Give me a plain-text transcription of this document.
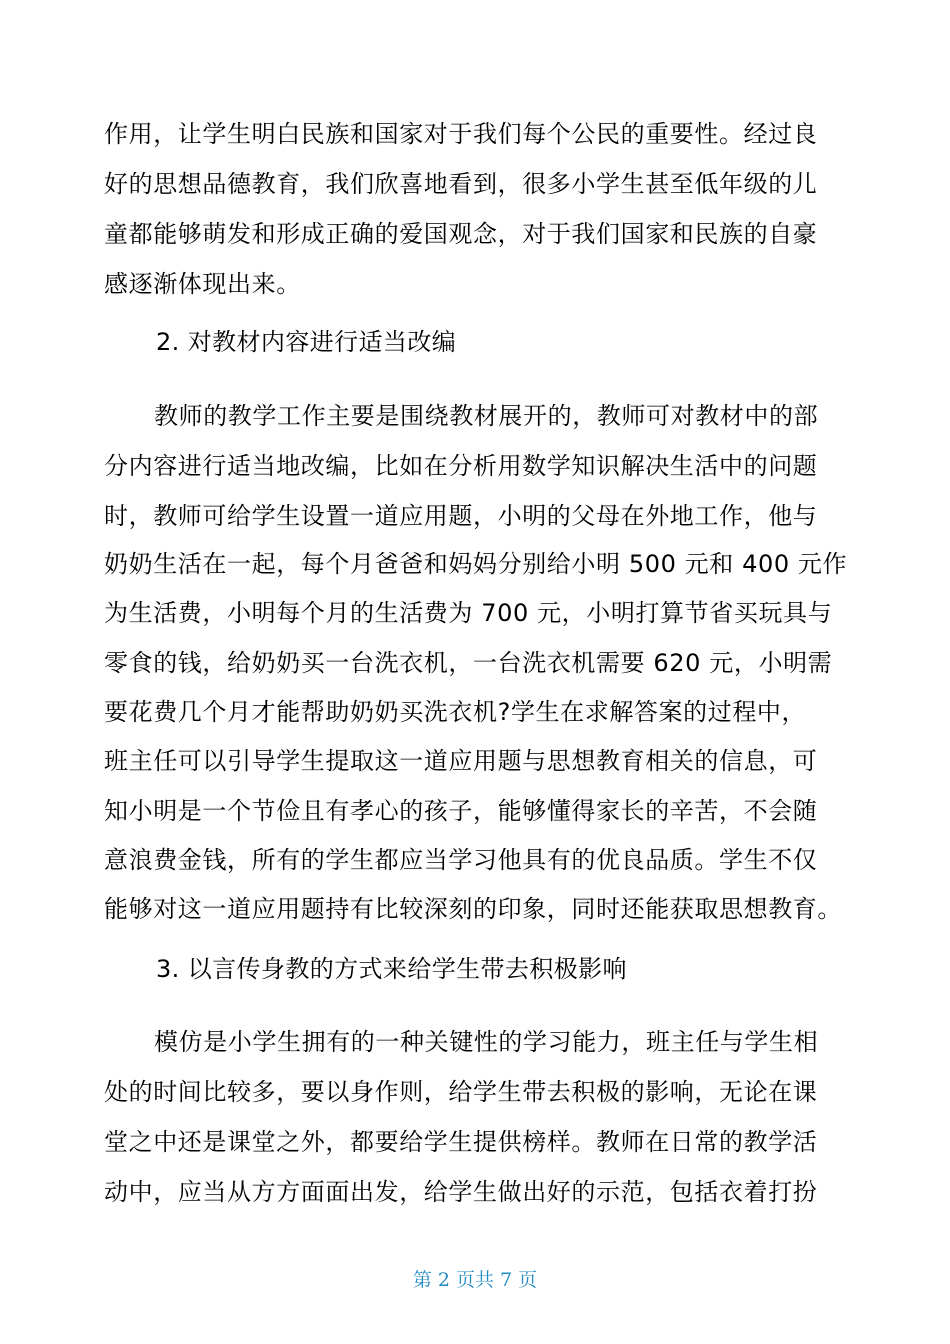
作用，让学生明白民族和国家对于我们每个公民的重要性。经过良
好的思想品德教育，我们欣喜地看到，很多小学生甚至低年级的儿
童都能够萌发和形成正确的爱国观念，对于我们国家和民族的自豪
感逐渐体现出来。
2. 对教材内容进行适当改编
教师的教学工作主要是围绕教材展开的，教师可对教材中的部
分内容进行适当地改编，比如在分析用数学知识解决生活中的问题
时，教师可给学生设置一道应用题，小明的父母在外地工作，他与
奶奶生活在一起，每个月爸爸和妈妈分别给小明 500 元和 400 元作
为生活费，小明每个月的生活费为 700 元，小明打算节省买玩具与
零食的钱，给奶奶买一台洗衣机，一台洗衣机需要 620 元，小明需
要花费几个月才能帮助奶奶买洗衣机?学生在求解答案的过程中，
班主任可以引导学生提取这一道应用题与思想教育相关的信息，可
知小明是一个节俭且有孝心的孩子，能够懂得家长的辛苦，不会随
意浪费金钱，所有的学生都应当学习他具有的优良品质。学生不仅
能够对这一道应用题持有比较深刻的印象，同时还能获取思想教育。
3. 以言传身教的方式来给学生带去积极影响
模仿是小学生拥有的一种关键性的学习能力，班主任与学生相
处的时间比较多，要以身作则，给学生带去积极的影响，无论在课
堂之中还是课堂之外，都要给学生提供榜样。教师在日常的教学活
动中，应当从方方面面出发，给学生做出好的示范，包括衣着打扮
第 2 页共 7 页
